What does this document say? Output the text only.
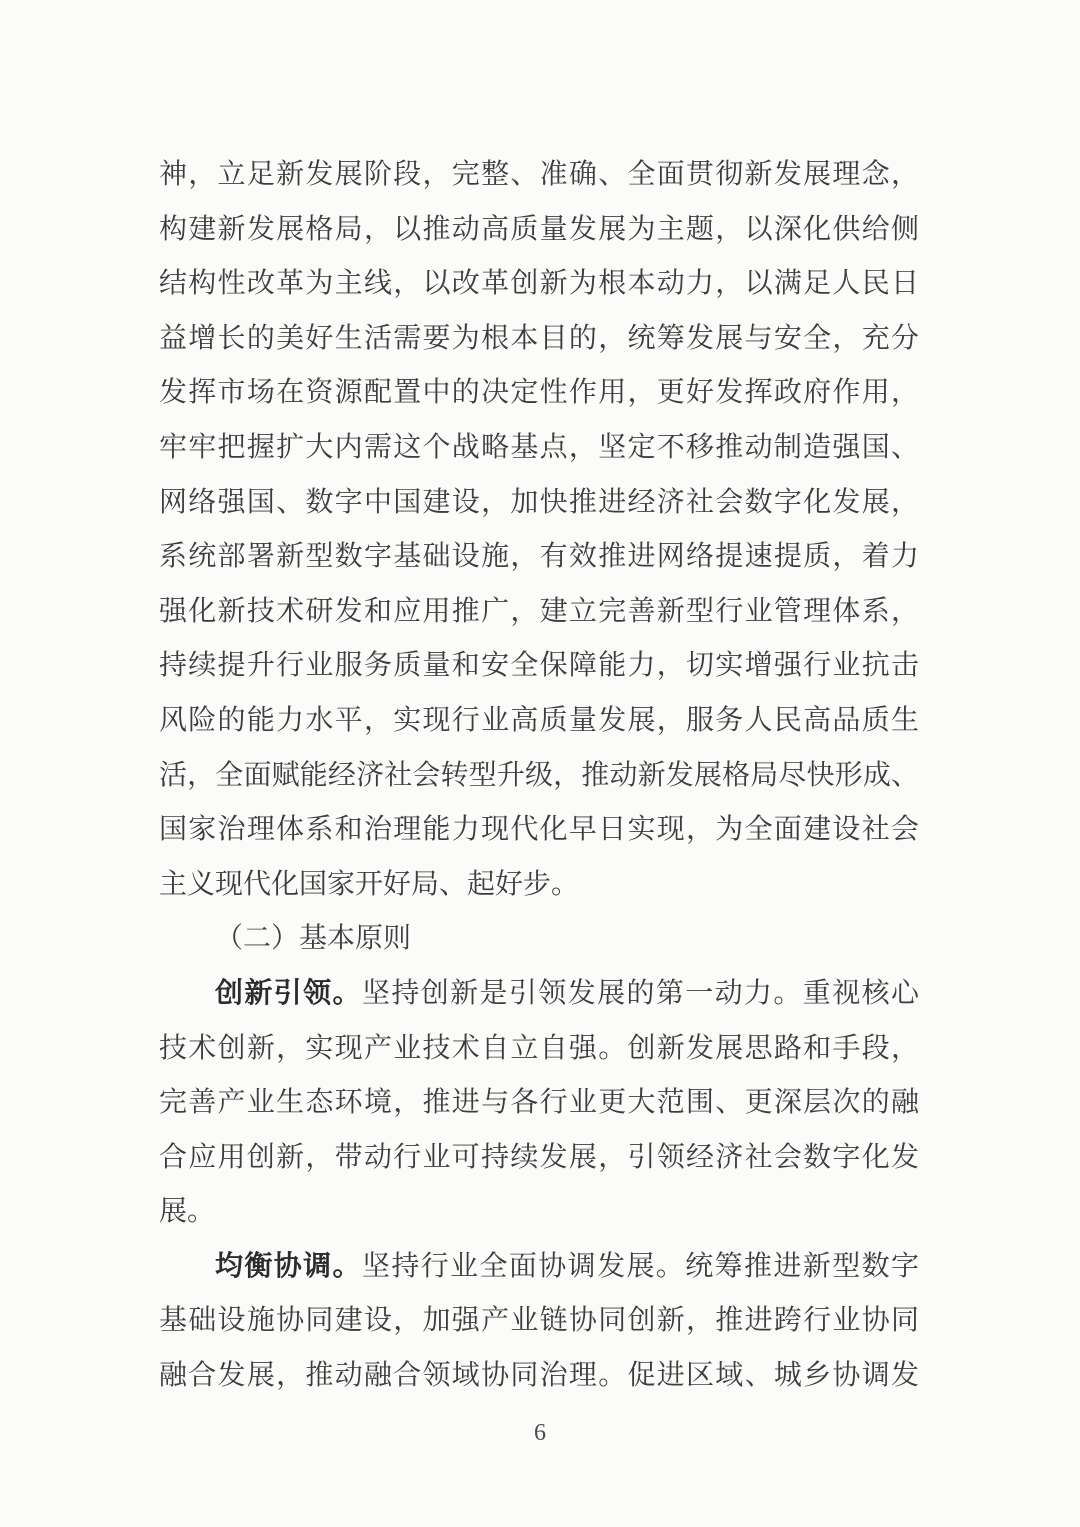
神，立足新发展阶段，完整、准确、全面贯彻新发展理念，
构建新发展格局，以推动高质量发展为主题，以深化供给侧
结构性改革为主线，以改革创新为根本动力，以满足人民日
益增长的美好生活需要为根本目的，统筹发展与安全，充分
发挥市场在资源配置中的决定性作用，更好发挥政府作用，
牢牢把握扩大内需这个战略基点，坚定不移推动制造强国、
网络强国、数字中国建设，加快推进经济社会数字化发展，
系统部署新型数字基础设施，有效推进网络提速提质，着力
强化新技术研发和应用推广，建立完善新型行业管理体系，
持续提升行业服务质量和安全保障能力，切实增强行业抗击
风险的能力水平，实现行业高质量发展，服务人民高品质生
活，全面赋能经济社会转型升级，推动新发展格局尽快形成、
国家治理体系和治理能力现代化早日实现，为全面建设社会
主义现代化国家开好局、起好步。
（二）基本原则
创新引领。坚持创新是引领发展的第一动力。重视核心
技术创新，实现产业技术自立自强。创新发展思路和手段，
完善产业生态环境，推进与各行业更大范围、更深层次的融
合应用创新，带动行业可持续发展，引领经济社会数字化发
展。
均衡协调。坚持行业全面协调发展。统筹推进新型数字
基础设施协同建设，加强产业链协同创新，推进跨行业协同
融合发展，推动融合领域协同治理。促进区域、城乡协调发
6
